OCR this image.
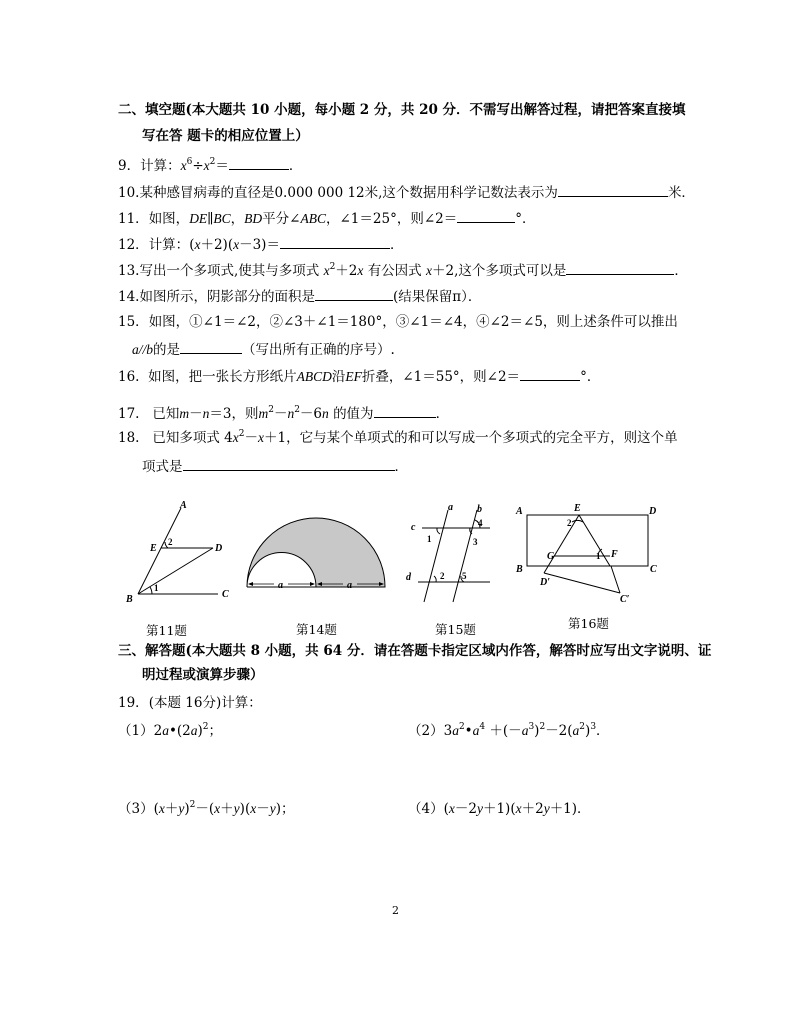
二、填空题(本大题共 10 小题，每小题 2 分，共 20 分．不需写出解答过程，请把答案直接填
写在答 题卡的相应位置上）
9．计算：$x^6\div x^2=$	．
10.某种感冒病毒的直径是0.000 000 12米,这个数据用科学记数法表示为	米．
11．如图，DE∥BC，BD平分∠ABC，∠1＝25°，则∠2＝	°．
12．计算：(x＋2)(x－3)＝	．
13.写出一个多项式,使其与多项式 $x^2+2x$ 有公因式 x＋2,这个多项式可以是	．
14.如图所示，阴影部分的面积是	(结果保留π）．
15．如图，①∠1＝∠2，②∠3＋∠1＝180°，③∠1＝∠4，④∠2＝∠5，则上述条件可以推出
a//b的是	（写出所有正确的序号）.
16. 如图，把一张长方形纸片ABCD沿EF折叠，∠1＝55°，则∠2＝	°．
17. 已知m－n＝3，则$m^2-n^2-6n$ 的值为	．
18. 已知多项式 $4x^2-x+1$，它与某个单项式的和可以写成一个多项式的完全平方，则这个单
项式是	．
A
B	C
D
E
1
2
a	a
a b
c
d
1
2
3
4
5
A
B	C
D
E
F
G
D′
C′
1
2
第11题	第14题	第15题	第16题
三、解答题(本大题共 8 小题，共 64 分．请在答题卡指定区域内作答，解答时应写出文字说明、证
明过程或演算步骤）
19．(本题 16分)计算：
$(1)2a•(2a)^2$；	$(2)3a^2•a^4 +(-a^3)^2-2(a^2)^3$．
$(3)(x+y)^2-(x+y)(x-y)$；	（4）(x－2y＋1)(x＋2y＋1)．
2
